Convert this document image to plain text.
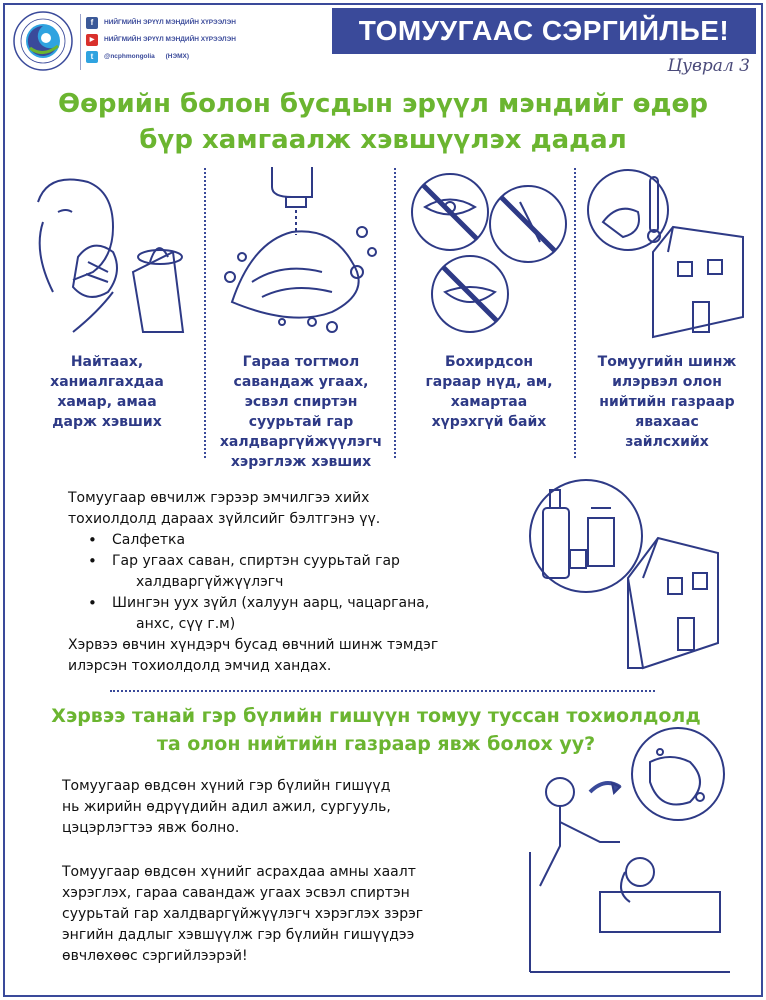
f	НИЙГМИЙН ЭРҮҮЛ МЭНДИЙН ХҮРЭЭЛЭН
▶	НИЙГМИЙН ЭРҮҮЛ МЭНДИЙН ХҮРЭЭЛЭН
t	@ncphmongolia      (НЭМХ)
ТОМУУГААС СЭРГИЙЛЬЕ!
Цуврал 3
Өөрийн болон бусдын эрүүл мэндийг өдөр
бүр хамгаалж хэвшүүлэх дадал
Найтаах,
ханиалгахдаа
хамар, амаа
дарж хэвших
Гараа тогтмол
савандаж угаах,
эсвэл спиртэн
суурьтай гар
халдваргүйжүүлэгч
хэрэглэж хэвших
Бохирдсон
гараар нүд, ам,
хамартаа
хүрэхгүй байх
Томуугийн шинж
илэрвэл олон
нийтийн газраар
явахаас
зайлсхийх
Томуугаар өвчилж гэрээр эмчилгээ хийх
тохиолдолд дараах зүйлсийг бэлтгэнэ үү.
• Салфетка
• Гар угаах саван, спиртэн суурьтай гар
халдваргүйжүүлэгч
• Шингэн уух зүйл (халуун аарц, чацаргана,
анхс, сүү г.м)
Хэрвээ өвчин хүндэрч бусад өвчний шинж тэмдэг
илэрсэн тохиолдолд эмчид хандах.
Хэрвээ танай гэр бүлийн гишүүн томуу туссан тохиолдолд
та олон нийтийн газраар явж болох уу?
Томуугаар өвдсөн хүний гэр бүлийн гишүүд
нь жирийн өдрүүдийн адил ажил, сургууль,
цэцэрлэгтээ явж болно.
Томуугаар өвдсөн хүнийг асрахдаа амны хаалт
хэрэглэх, гараа савандаж угаах эсвэл спиртэн
суурьтай гар халдваргүйжүүлэгч хэрэглэх зэрэг
энгийн дадлыг хэвшүүлж гэр бүлийн гишүүдээ
өвчлөхөөс сэргийлээрэй!
